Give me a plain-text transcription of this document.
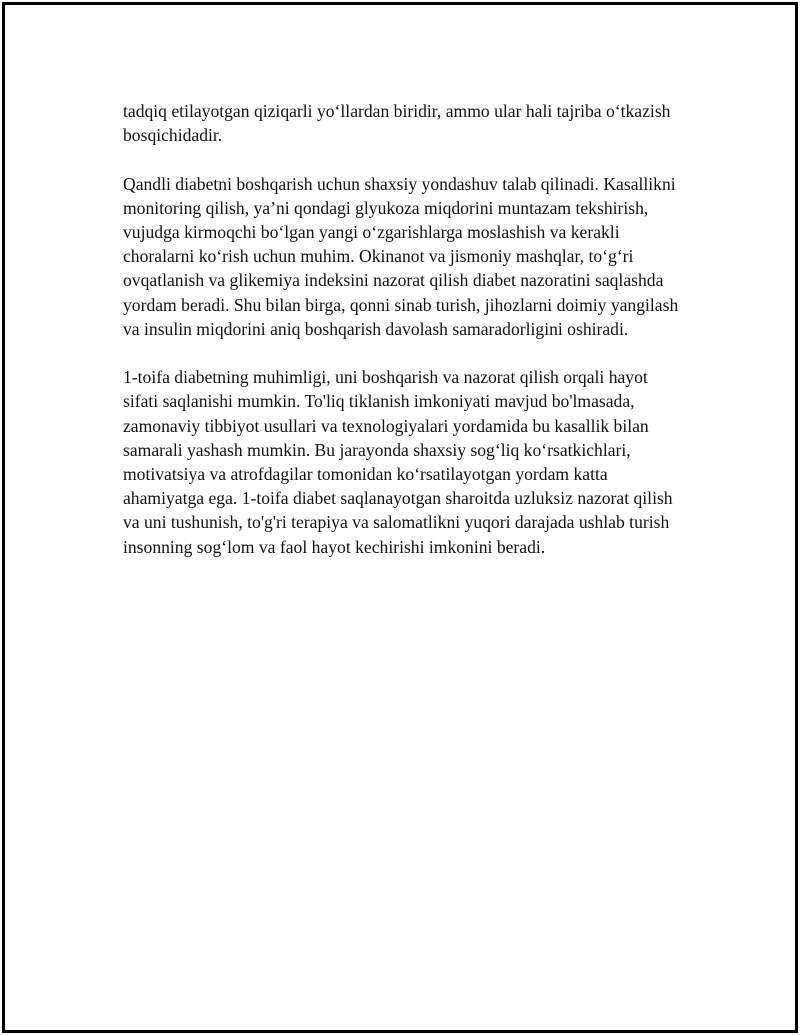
tadqiq etilayotgan qiziqarli yo‘llardan biridir, ammo ular hali tajriba o‘tkazish bosqichidadir.

Qandli diabetni boshqarish uchun shaxsiy yondashuv talab qilinadi. Kasallikni monitoring qilish, ya’ni qondagi glyukoza miqdorini muntazam tekshirish, vujudga kirmoqchi bo‘lgan yangi o‘zgarishlarga moslashish va kerakli choralarni ko‘rish uchun muhim. Okinanot va jismoniy mashqlar, to‘g‘ri ovqatlanish va glikemiya indeksini nazorat qilish diabet nazoratini saqlashda yordam beradi. Shu bilan birga, qonni sinab turish, jihozlarni doimiy yangilash va insulin miqdorini aniq boshqarish davolash samaradorligini oshiradi.

1-toifa diabetning muhimligi, uni boshqarish va nazorat qilish orqali hayot sifati saqlanishi mumkin. To'liq tiklanish imkoniyati mavjud bo'lmasada, zamonaviy tibbiyot usullari va texnologiyalari yordamida bu kasallik bilan samarali yashash mumkin. Bu jarayonda shaxsiy sog‘liq ko‘rsatkichlari, motivatsiya va atrofdagilar tomonidan ko‘rsatilayotgan yordam katta ahamiyatga ega. 1-toifa diabet saqlanayotgan sharoitda uzluksiz nazorat qilish va uni tushunish, to'g'ri terapiya va salomatlikni yuqori darajada ushlab turish insonning sog‘lom va faol hayot kechirishi imkonini beradi.
